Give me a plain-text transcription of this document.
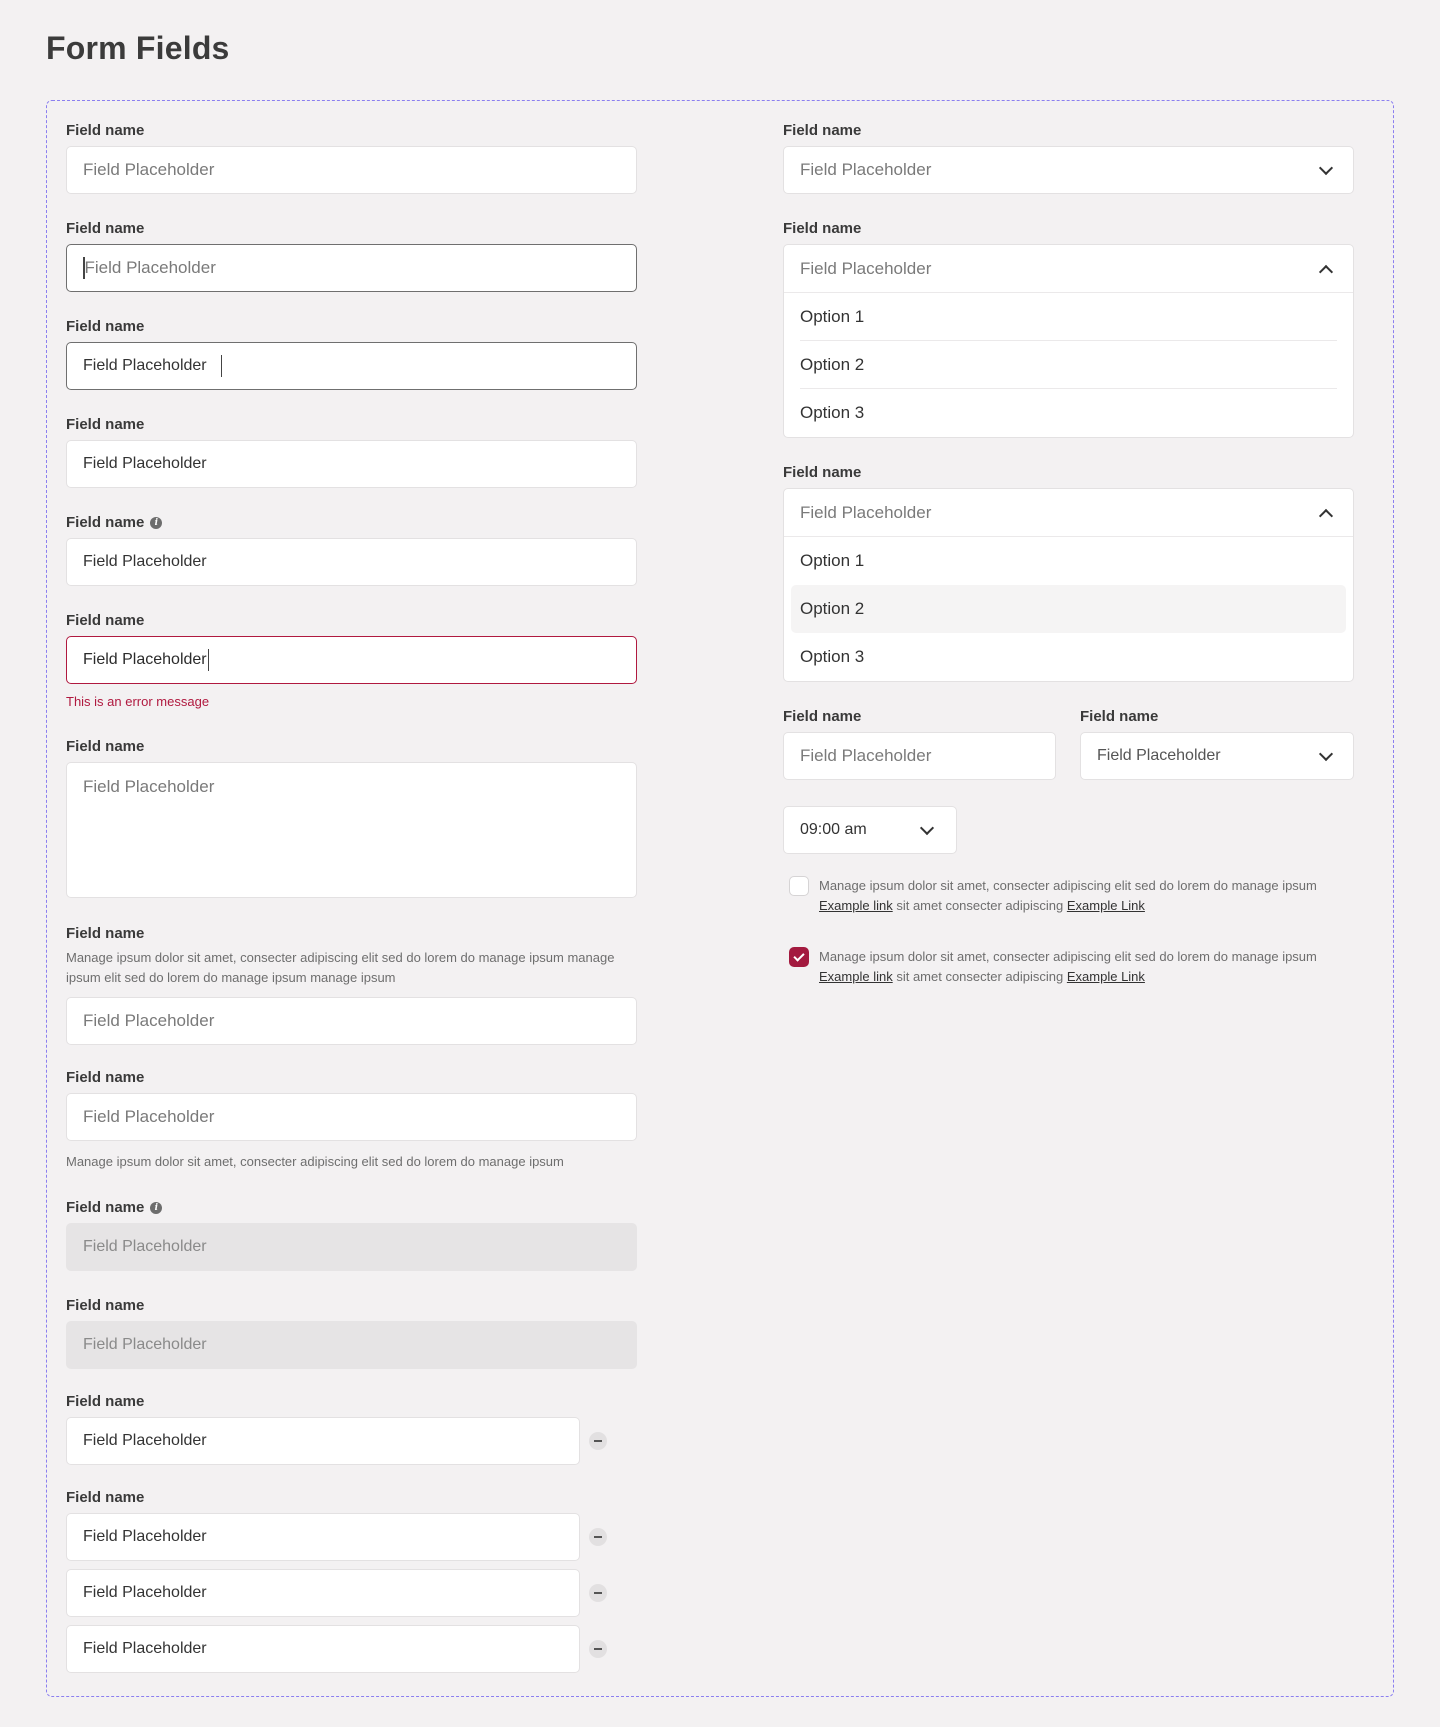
Form Fields
Field name
Field Placeholder
Field name
Field Placeholder
Field name
Field Placeholder
Field name
Field Placeholder
Field name	i
Field Placeholder
Field name
Field Placeholder
This is an error message
Field name
Field Placeholder
Field name
Manage ipsum dolor sit amet, consecter adipiscing elit sed do lorem do manage ipsum manage ipsum elit sed do lorem do manage ipsum manage ipsum
Field Placeholder
Field name
Field Placeholder
Manage ipsum dolor sit amet, consecter adipiscing elit sed do lorem do manage ipsum
Field name	i
Field Placeholder
Field name
Field Placeholder
Field name
Field Placeholder
Field name
Field Placeholder
Field Placeholder
Field Placeholder
Field name
Field Placeholder
Field name
Field Placeholder
Option 1
Option 2
Option 3
Field name
Field Placeholder
Option 1
Option 2
Option 3
Field name
Field Placeholder
Field name
Field Placeholder
09:00 am
Manage ipsum dolor sit amet, consecter adipiscing elit sed do lorem do manage ipsum
Example link sit amet consecter adipiscing Example Link
Manage ipsum dolor sit amet, consecter adipiscing elit sed do lorem do manage ipsum
Example link sit amet consecter adipiscing Example Link
